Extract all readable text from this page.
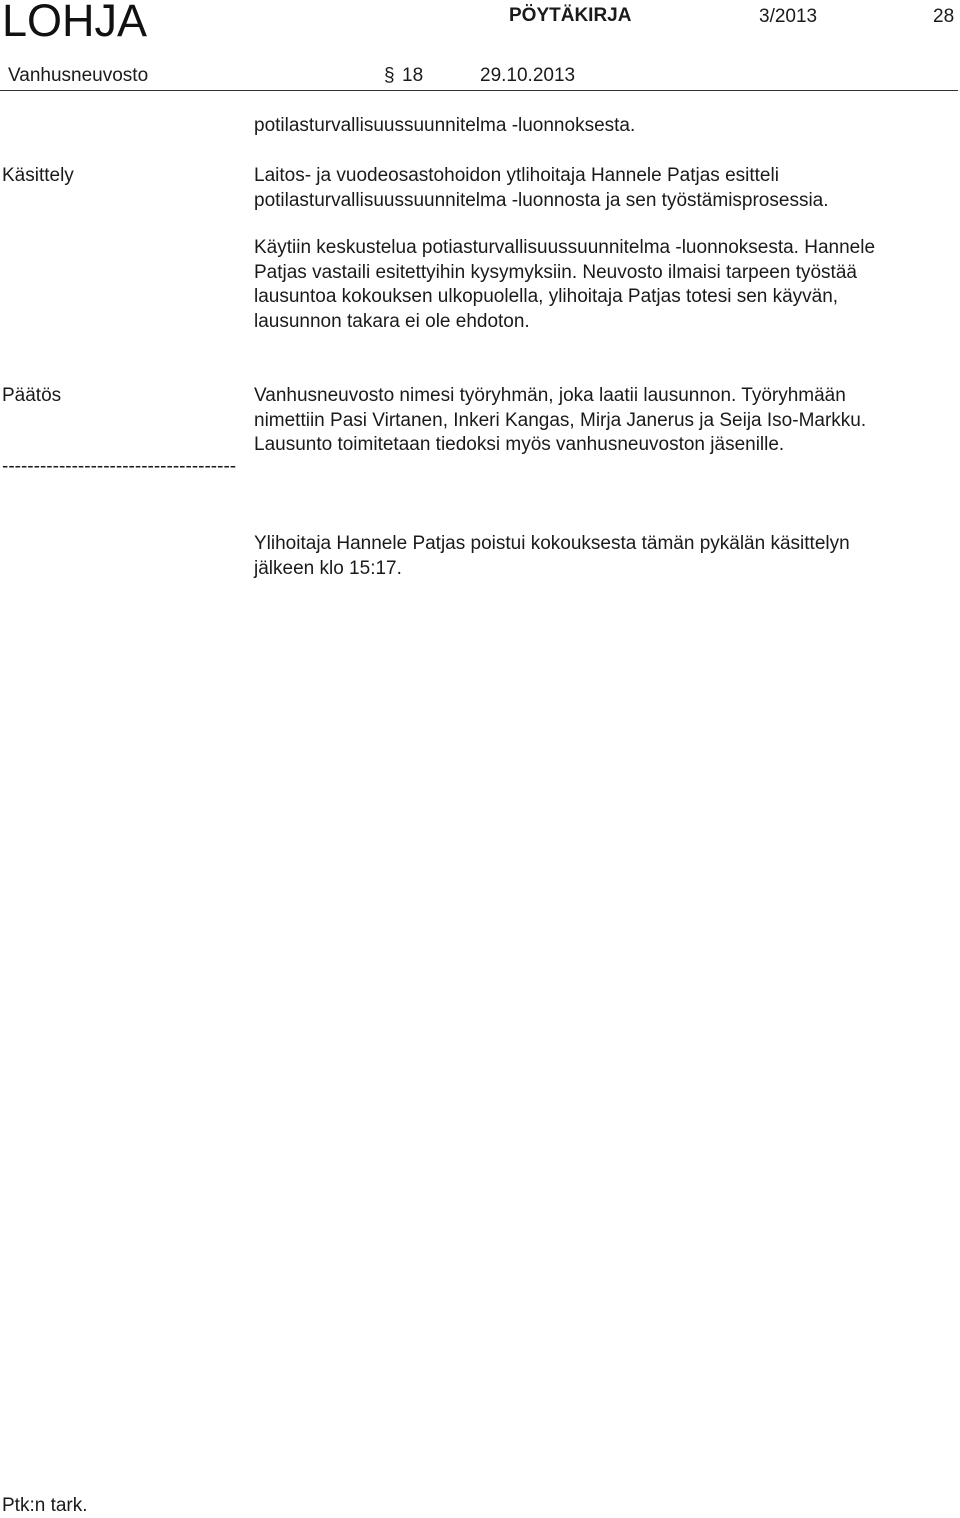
LOHJA	PÖYTÄKIRJA	3/2013	28
Vanhusneuvosto	§ 18	29.10.2013
potilasturvallisuussuunnitelma -luonnoksesta.
Käsittely	Laitos- ja vuodeosastohoidon ytlihoitaja Hannele Patjas esitteli
potilasturvallisuussuunnitelma -luonnosta ja sen työstämisprosessia.
Käytiin keskustelua potiasturvallisuussuunnitelma -luonnoksesta. Hannele
Patjas vastaili esitettyihin kysymyksiin. Neuvosto ilmaisi tarpeen työstää
lausuntoa kokouksen ulkopuolella, ylihoitaja Patjas totesi sen käyvän,
lausunnon takara ei ole ehdoton.
Päätös	Vanhusneuvosto nimesi työryhmän, joka laatii lausunnon. Työryhmään
nimettiin Pasi Virtanen, Inkeri Kangas, Mirja Janerus ja Seija Iso-Markku.
Lausunto toimitetaan tiedoksi myös vanhusneuvoston jäsenille.
-------------------------------------
Ylihoitaja Hannele Patjas poistui kokouksesta tämän pykälän käsittelyn
jälkeen klo 15:17.
Ptk:n tark.
